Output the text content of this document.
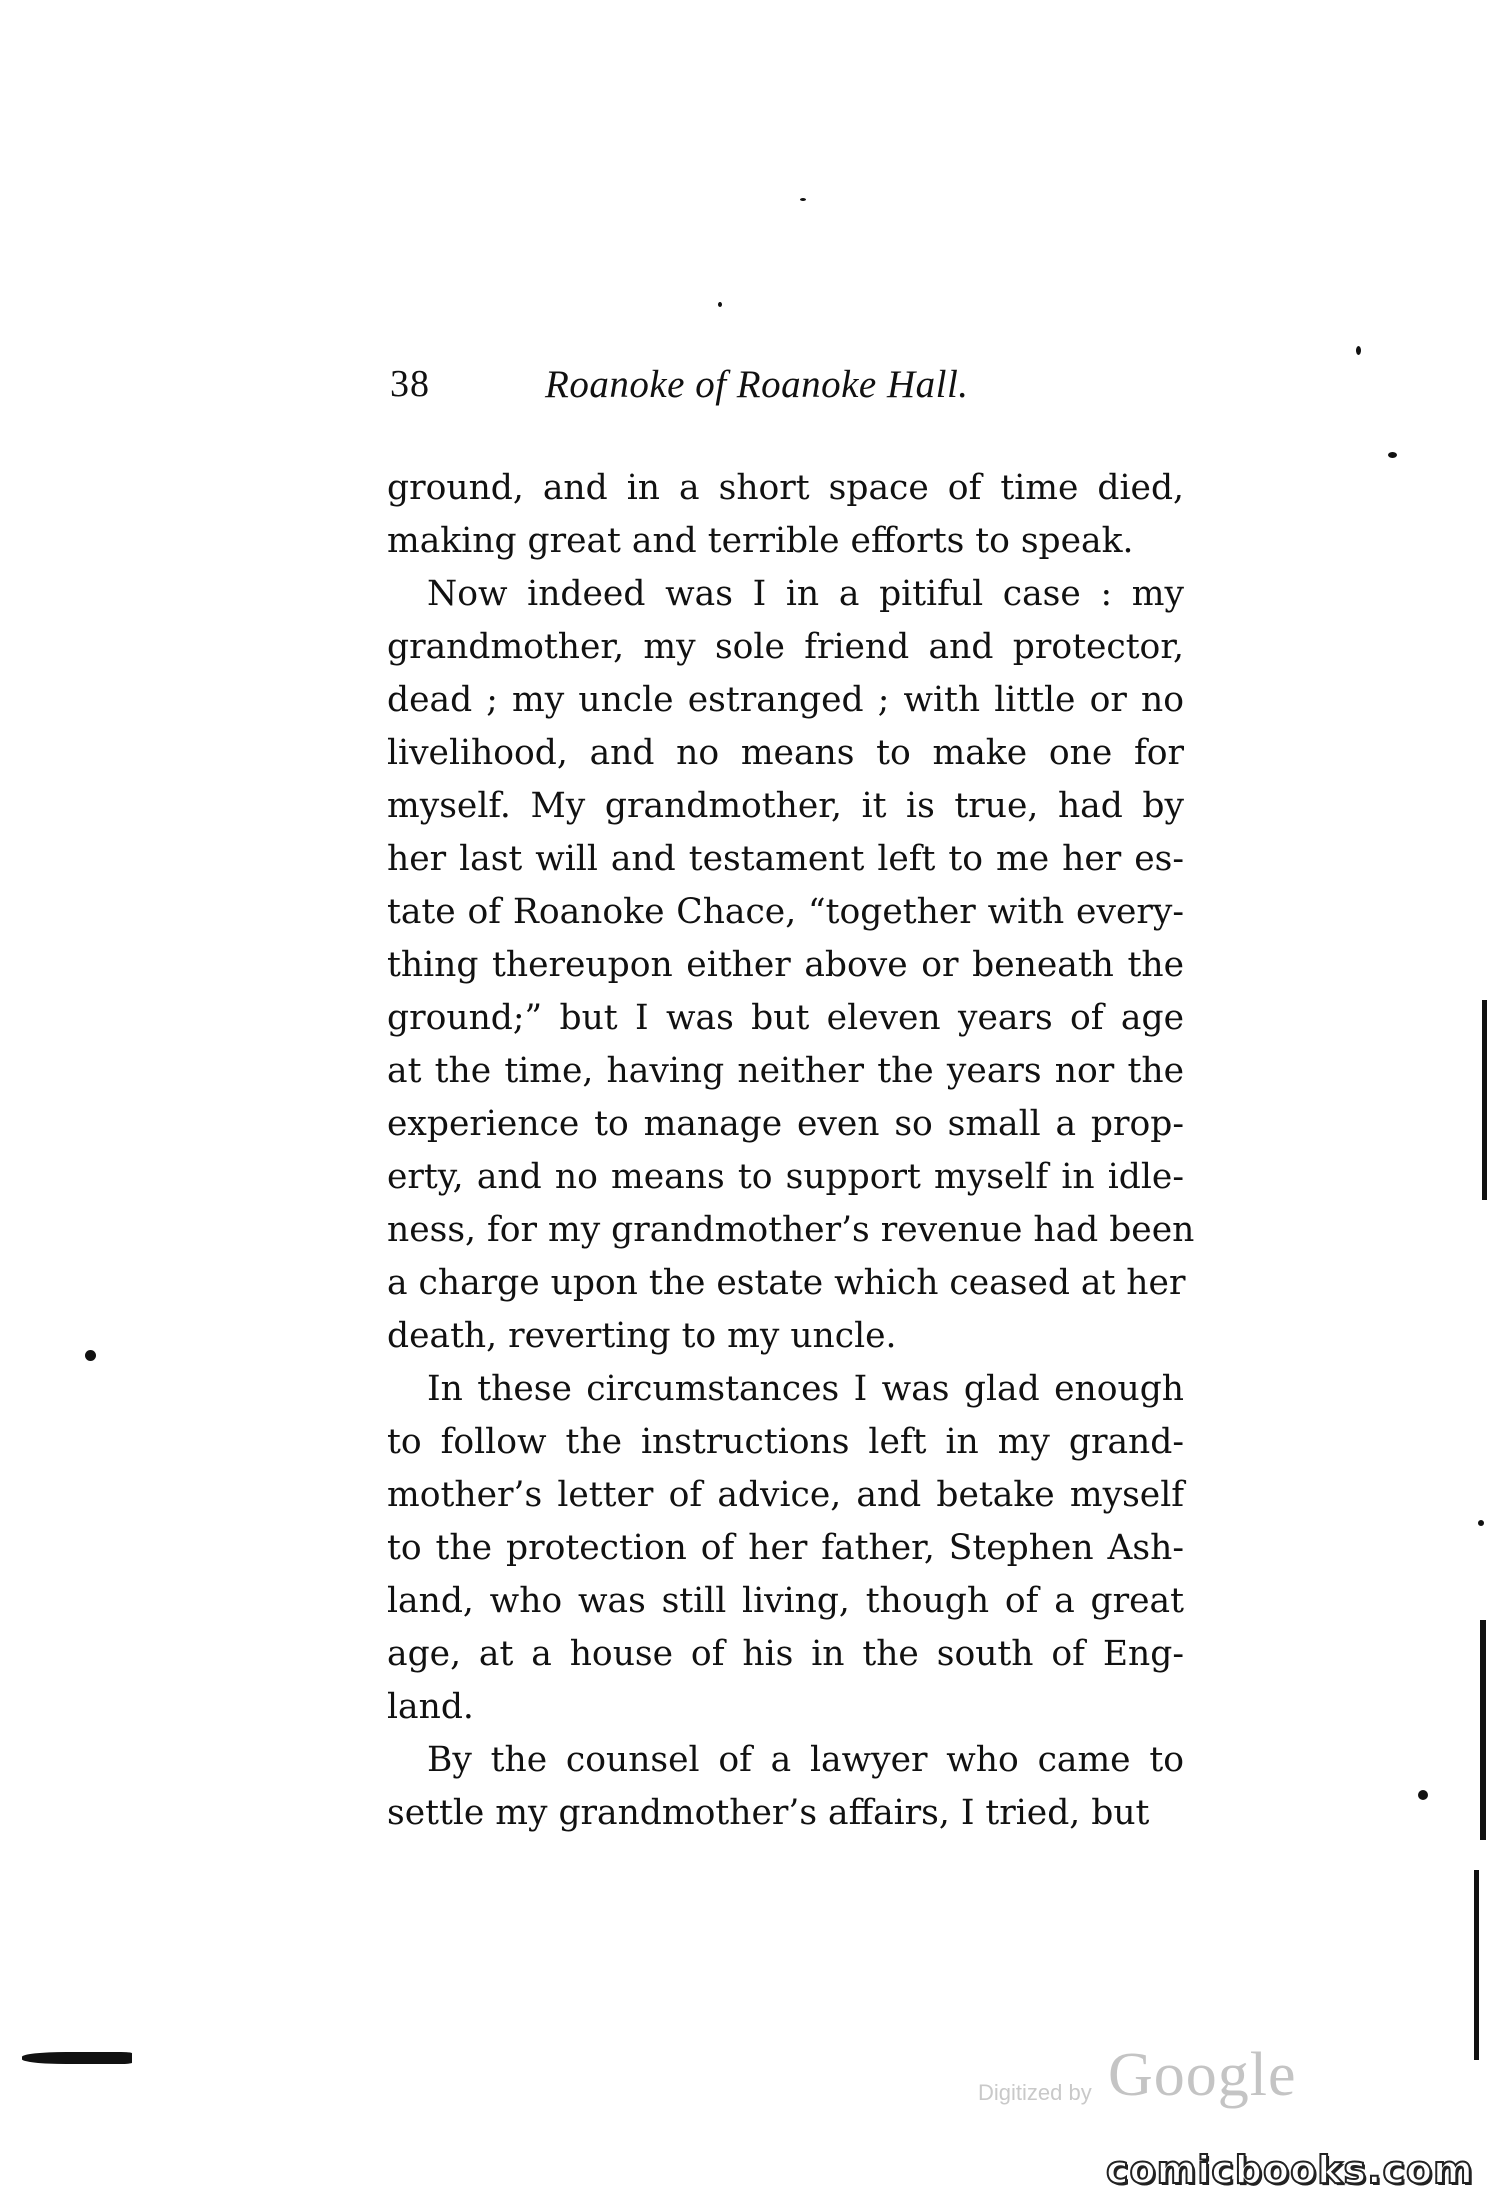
38	Roanoke of Roanoke Hall.
ground, and in a short space of time died,
making great and terrible efforts to speak.
Now indeed was I in a pitiful case : my
grandmother, my sole friend and protector,
dead ; my uncle estranged ; with little or no
livelihood, and no means to make one for
myself. My grandmother, it is true, had by
her last will and testament left to me her es-
tate of Roanoke Chace, “together with every-
thing thereupon either above or beneath the
ground;” but I was but eleven years of age
at the time, having neither the years nor the
experience to manage even so small a prop-
erty, and no means to support myself in idle-
ness, for my grandmother’s revenue had been
a charge upon the estate which ceased at her
death, reverting to my uncle.
In these circumstances I was glad enough
to follow the instructions left in my grand-
mother’s letter of advice, and betake myself
to the protection of her father, Stephen Ash-
land, who was still living, though of a great
age, at a house of his in the south of Eng-
land.
By the counsel of a lawyer who came to
settle my grandmother’s affairs, I tried, but
Digitized by Google
comicbooks.com
